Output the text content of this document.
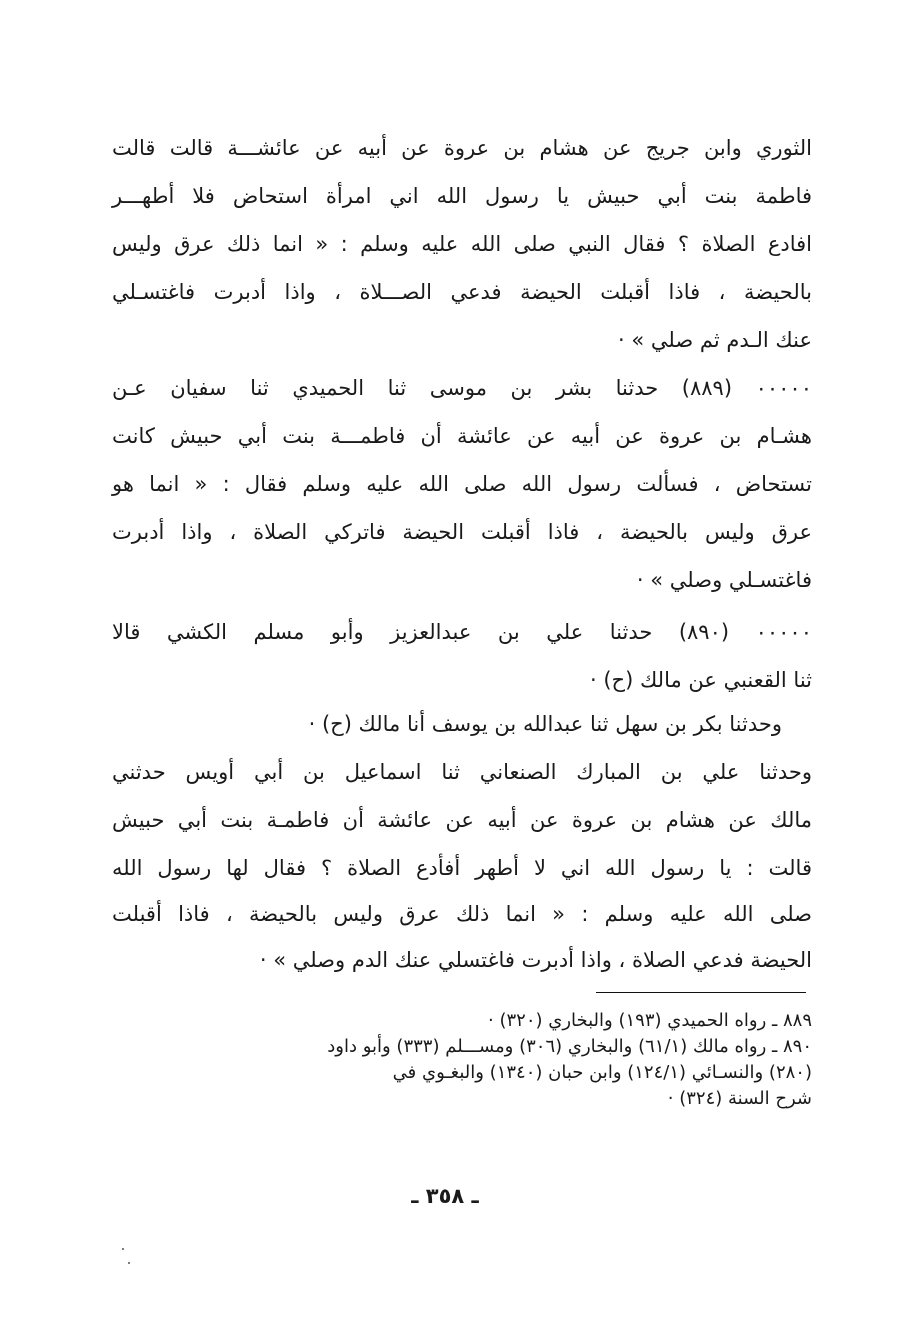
الثوري وابن جريج عن هشام بن عروة عن أبيه عن عائشـــة قالت قالت
فاطمة بنت أبي حبيش يا رسول الله اني امرأة استحاض فلا أطهـــر
افادع الصلاة ؟ فقال النبي صلى الله عليه وسلم : « انما ذلك عرق وليس
بالحيضة ، فاذا أقبلت الحيضة فدعي الصـــلاة ، واذا أدبرت فاغتسـلي
عنك الـدم ثم صلي » ·
٠٠٠٠٠ (٨٨٩) حدثنا بشر بن موسى ثنا الحميدي ثنا سفيان عـن
هشـام بن عروة عن أبيه عن عائشة أن فاطمـــة بنت أبي حبيش كانت
تستحاض ، فسألت رسول الله صلى الله عليه وسلم فقال : « انما هو
عرق وليس بالحيضة ، فاذا أقبلت الحيضة فاتركي الصلاة ، واذا أدبرت
فاغتسـلي وصلي » ·
٠٠٠٠٠ (٨٩٠) حدثنا علي بن عبدالعزيز وأبو مسلم الكشي قالا
ثنا القعنبي عن مالك (ح) ·
وحدثنا بكر بن سهل ثنا عبدالله بن يوسف أنا مالك (ح) ·
وحدثنا علي بن المبارك الصنعاني ثنا اسماعيل بن أبي أويس حدثني
مالك عن هشام بن عروة عن أبيه عن عائشة أن فاطمـة بنت أبي حبيش
قالت : يا رسول الله اني لا أطهر أفأدع الصلاة ؟ فقال لها رسول الله
صلى الله عليه وسلم : « انما ذلك عرق وليس بالحيضة ، فاذا أقبلت
الحيضة فدعي الصلاة ، واذا أدبرت فاغتسلي عنك الدم وصلي » ·
٨٨٩ ـ رواه الحميدي (١٩٣) والبخاري (٣٢٠) ·
٨٩٠ ـ رواه مالك (٦١/١) والبخاري (٣٠٦) ومســـلم (٣٣٣) وأبو داود
(٢٨٠) والنسـائي (١٢٤/١) وابن حبان (١٣٤٠) والبغـوي في
شرح السنة (٣٢٤) ·
ـ ٣٥٨ ـ
